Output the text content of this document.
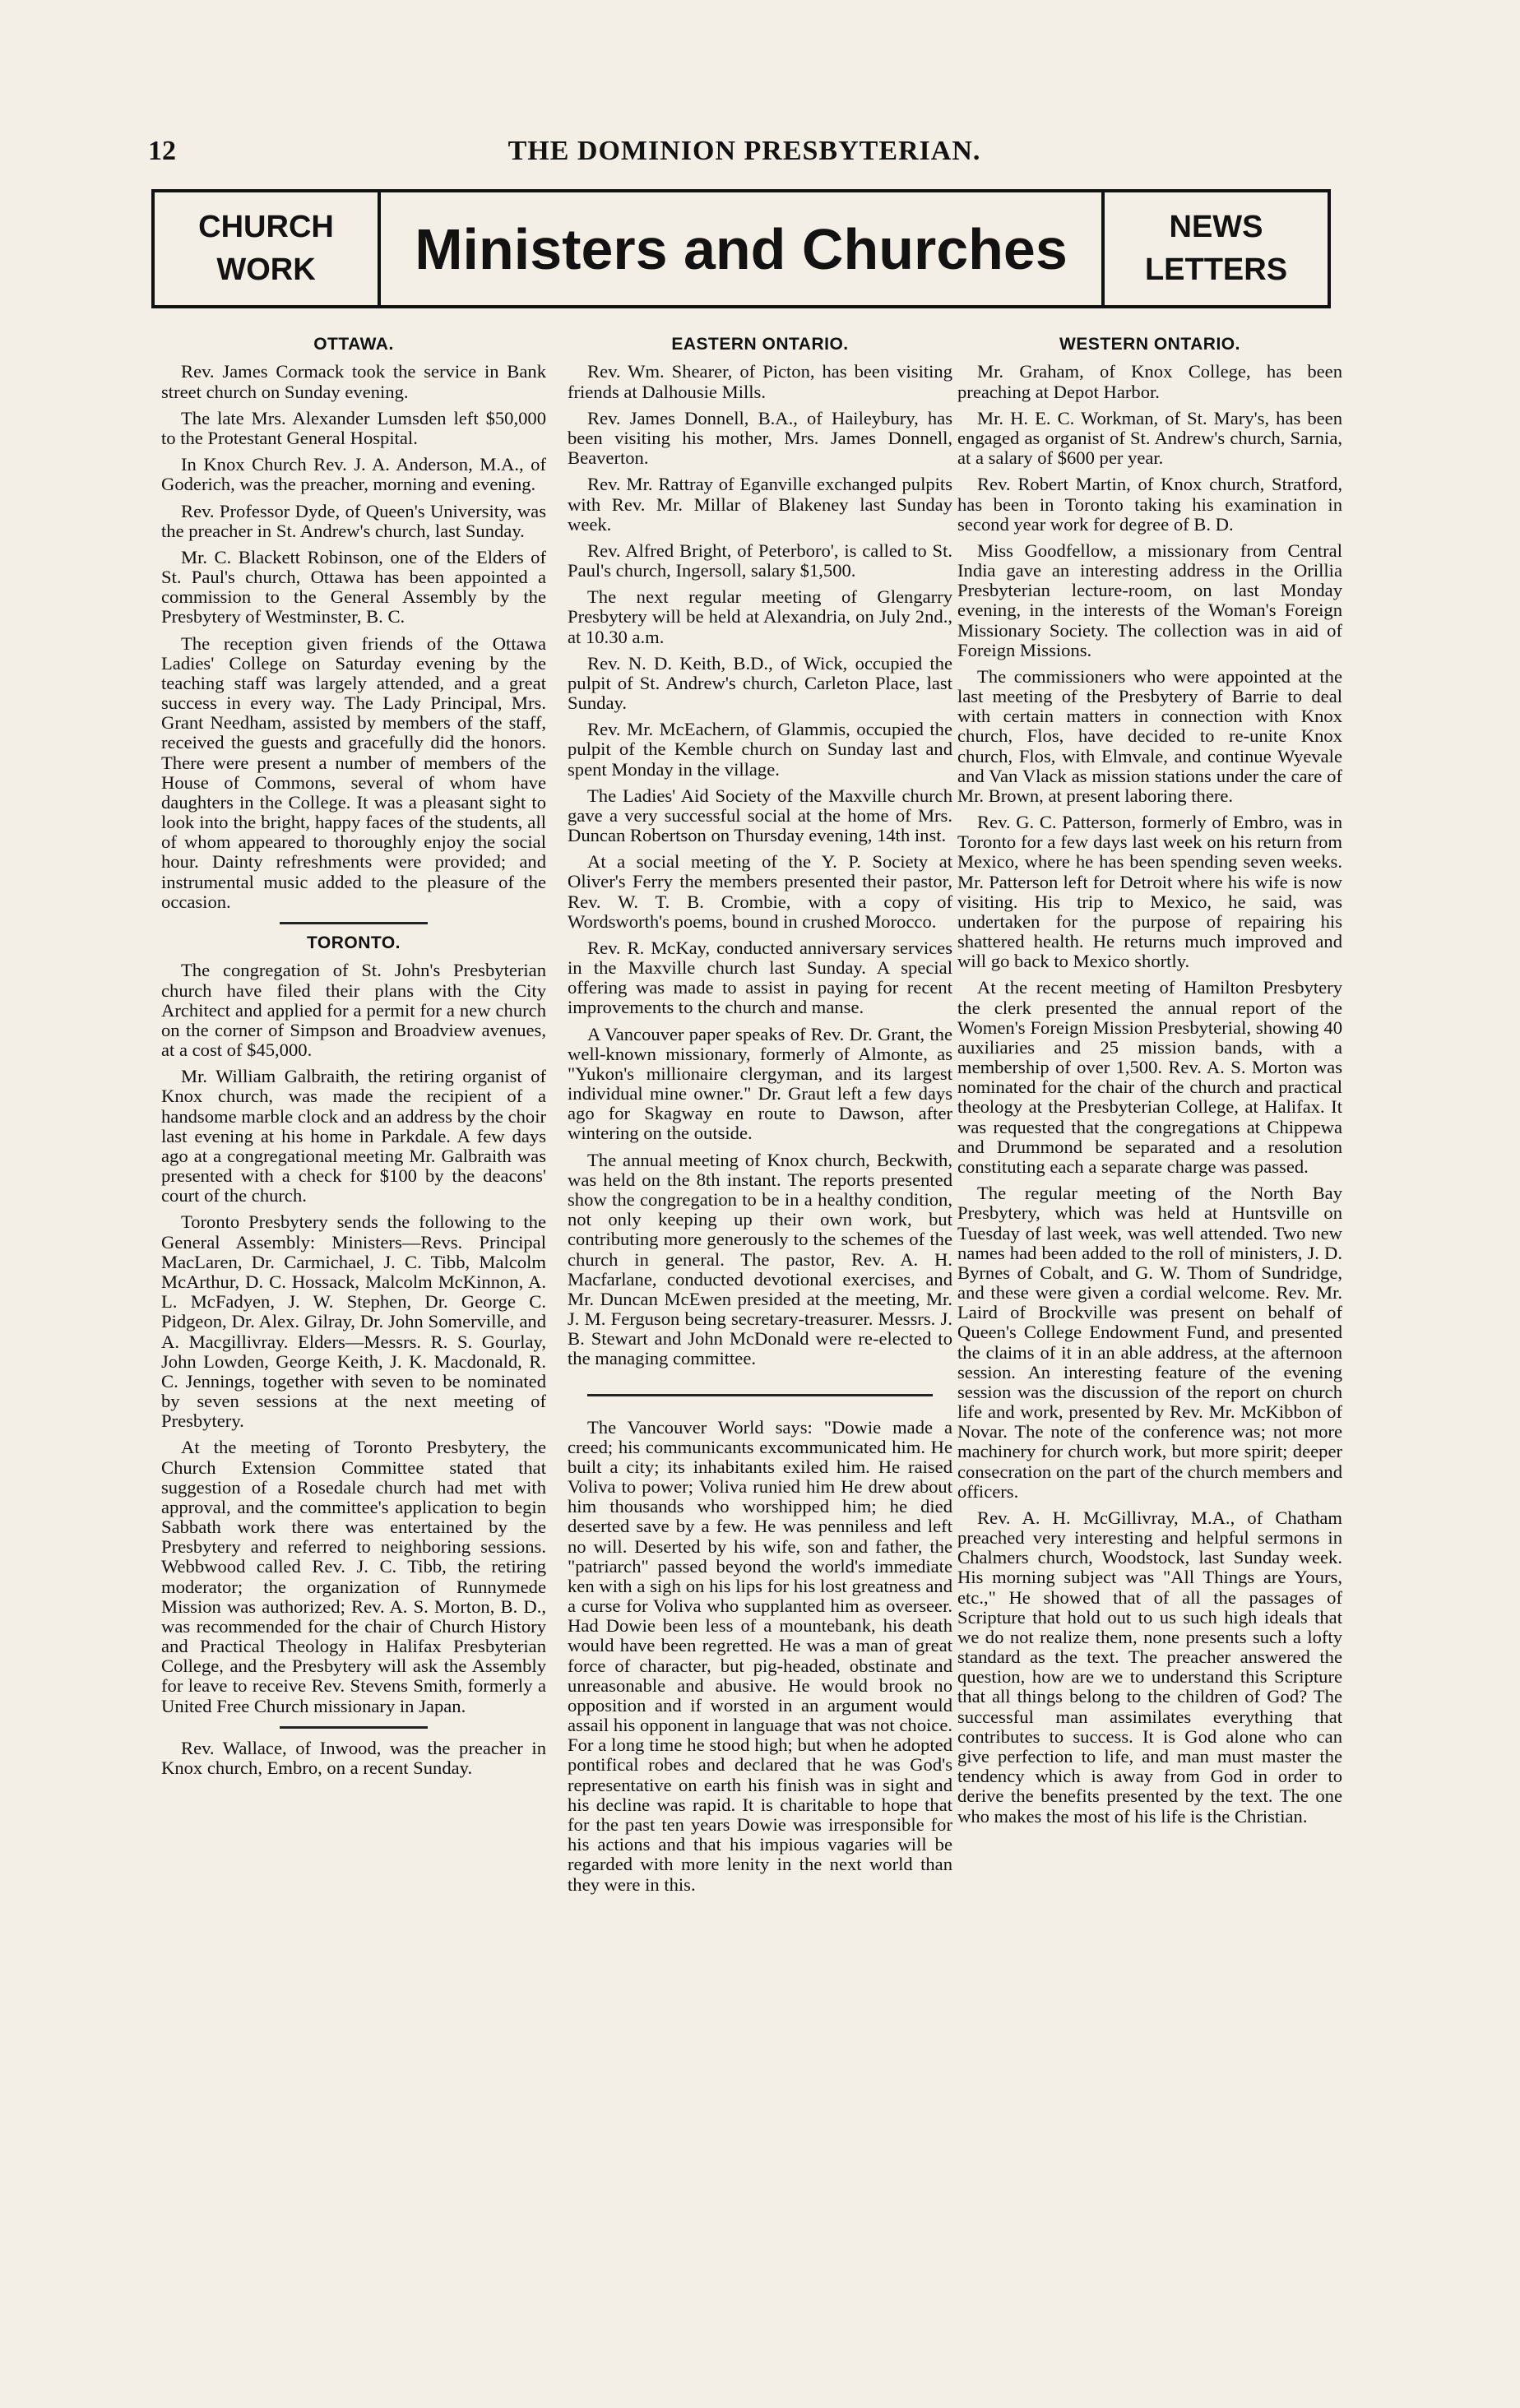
12	THE DOMINION PRESBYTERIAN.
CHURCH
WORK	Ministers and Churches	NEWS
LETTERS
OTTAWA.

Rev. James Cormack took the service in Bank street church on Sunday evening.

The late Mrs. Alexander Lumsden left $50,000 to the Protestant General Hospital.

In Knox Church Rev. J. A. Anderson, M.A., of Goderich, was the preacher, morning and evening.

Rev. Professor Dyde, of Queen's University, was the preacher in St. Andrew's church, last Sunday.

Mr. C. Blackett Robinson, one of the Elders of St. Paul's church, Ottawa has been appointed a commission to the General Assembly by the Presbytery of Westminster, B. C.

The reception given friends of the Ottawa Ladies' College on Saturday evening by the teaching staff was largely attended, and a great success in every way. The Lady Principal, Mrs. Grant Needham, assisted by members of the staff, received the guests and gracefully did the honors. There were present a number of members of the House of Commons, several of whom have daughters in the College. It was a pleasant sight to look into the bright, happy faces of the students, all of whom appeared to thoroughly enjoy the social hour. Dainty refreshments were provided; and instrumental music added to the pleasure of the occasion.

TORONTO.

The congregation of St. John's Presbyterian church have filed their plans with the City Architect and applied for a permit for a new church on the corner of Simpson and Broadview avenues, at a cost of $45,000.

Mr. William Galbraith, the retiring organist of Knox church, was made the recipient of a handsome marble clock and an address by the choir last evening at his home in Parkdale. A few days ago at a congregational meeting Mr. Galbraith was presented with a check for $100 by the deacons' court of the church.

Toronto Presbytery sends the following to the General Assembly: Ministers—Revs. Principal MacLaren, Dr. Carmichael, J. C. Tibb, Malcolm McArthur, D. C. Hossack, Malcolm McKinnon, A. L. McFadyen, J. W. Stephen, Dr. George C. Pidgeon, Dr. Alex. Gilray, Dr. John Somerville, and A. Macgillivray. Elders—Messrs. R. S. Gourlay, John Lowden, George Keith, J. K. Macdonald, R. C. Jennings, together with seven to be nominated by seven sessions at the next meeting of Presbytery.

At the meeting of Toronto Presbytery, the Church Extension Committee stated that suggestion of a Rosedale church had met with approval, and the committee's application to begin Sabbath work there was entertained by the Presbytery and referred to neighboring sessions. Webbwood called Rev. J. C. Tibb, the retiring moderator; the organization of Runnymede Mission was authorized; Rev. A. S. Morton, B. D., was recommended for the chair of Church History and Practical Theology in Halifax Presbyterian College, and the Presbytery will ask the Assembly for leave to receive Rev. Stevens Smith, formerly a United Free Church missionary in Japan.

Rev. Wallace, of Inwood, was the preacher in Knox church, Embro, on a recent Sunday.

EASTERN ONTARIO.

Rev. Wm. Shearer, of Picton, has been visiting friends at Dalhousie Mills.

Rev. James Donnell, B.A., of Haileybury, has been visiting his mother, Mrs. James Donnell, Beaverton.

Rev. Mr. Rattray of Eganville exchanged pulpits with Rev. Mr. Millar of Blakeney last Sunday week.

Rev. Alfred Bright, of Peterboro', is called to St. Paul's church, Ingersoll, salary $1,500.

The next regular meeting of Glengarry Presbytery will be held at Alexandria, on July 2nd., at 10.30 a.m.

Rev. N. D. Keith, B.D., of Wick, occupied the pulpit of St. Andrew's church, Carleton Place, last Sunday.

Rev. Mr. McEachern, of Glammis, occupied the pulpit of the Kemble church on Sunday last and spent Monday in the village.

The Ladies' Aid Society of the Maxville church gave a very successful social at the home of Mrs. Duncan Robertson on Thursday evening, 14th inst.

At a social meeting of the Y. P. Society at Oliver's Ferry the members presented their pastor, Rev. W. T. B. Crombie, with a copy of Wordsworth's poems, bound in crushed Morocco.

Rev. R. McKay, conducted anniversary services in the Maxville church last Sunday. A special offering was made to assist in paying for recent improvements to the church and manse.

A Vancouver paper speaks of Rev. Dr. Grant, the well-known missionary, formerly of Almonte, as "Yukon's millionaire clergyman, and its largest individual mine owner." Dr. Graut left a few days ago for Skagway en route to Dawson, after wintering on the outside.

The annual meeting of Knox church, Beckwith, was held on the 8th instant. The reports presented show the congregation to be in a healthy condition, not only keeping up their own work, but contributing more generously to the schemes of the church in general. The pastor, Rev. A. H. Macfarlane, conducted devotional exercises, and Mr. Duncan McEwen presided at the meeting, Mr. J. M. Ferguson being secretary-treasurer. Messrs. J. B. Stewart and John McDonald were re-elected to the managing committee.

The Vancouver World says: "Dowie made a creed; his communicants excommunicated him. He built a city; its inhabitants exiled him. He raised Voliva to power; Voliva runied him He drew about him thousands who worshipped him; he died deserted save by a few. He was penniless and left no will. Deserted by his wife, son and father, the "patriarch" passed beyond the world's immediate ken with a sigh on his lips for his lost greatness and a curse for Voliva who supplanted him as overseer. Had Dowie been less of a mountebank, his death would have been regretted. He was a man of great force of character, but pig-headed, obstinate and unreasonable and abusive. He would brook no opposition and if worsted in an argument would assail his opponent in language that was not choice. For a long time he stood high; but when he adopted pontifical robes and declared that he was God's representative on earth his finish was in sight and his decline was rapid. It is charitable to hope that for the past ten years Dowie was irresponsible for his actions and that his impious vagaries will be regarded with more lenity in the next world than they were in this.

WESTERN ONTARIO.

Mr. Graham, of Knox College, has been preaching at Depot Harbor.

Mr. H. E. C. Workman, of St. Mary's, has been engaged as organist of St. Andrew's church, Sarnia, at a salary of $600 per year.

Rev. Robert Martin, of Knox church, Stratford, has been in Toronto taking his examination in second year work for degree of B. D.

Miss Goodfellow, a missionary from Central India gave an interesting address in the Orillia Presbyterian lecture-room, on last Monday evening, in the interests of the Woman's Foreign Missionary Society. The collection was in aid of Foreign Missions.

The commissioners who were appointed at the last meeting of the Presbytery of Barrie to deal with certain matters in connection with Knox church, Flos, have decided to re-unite Knox church, Flos, with Elmvale, and continue Wyevale and Van Vlack as mission stations under the care of Mr. Brown, at present laboring there.

Rev. G. C. Patterson, formerly of Embro, was in Toronto for a few days last week on his return from Mexico, where he has been spending seven weeks. Mr. Patterson left for Detroit where his wife is now visiting. His trip to Mexico, he said, was undertaken for the purpose of repairing his shattered health. He returns much improved and will go back to Mexico shortly.

At the recent meeting of Hamilton Presbytery the clerk presented the annual report of the Women's Foreign Mission Presbyterial, showing 40 auxiliaries and 25 mission bands, with a membership of over 1,500. Rev. A. S. Morton was nominated for the chair of the church and practical theology at the Presbyterian College, at Halifax. It was requested that the congregations at Chippewa and Drummond be separated and a resolution constituting each a separate charge was passed.

The regular meeting of the North Bay Presbytery, which was held at Huntsville on Tuesday of last week, was well attended. Two new names had been added to the roll of ministers, J. D. Byrnes of Cobalt, and G. W. Thom of Sundridge, and these were given a cordial welcome. Rev. Mr. Laird of Brockville was present on behalf of Queen's College Endowment Fund, and presented the claims of it in an able address, at the afternoon session. An interesting feature of the evening session was the discussion of the report on church life and work, presented by Rev. Mr. McKibbon of Novar. The note of the conference was; not more machinery for church work, but more spirit; deeper consecration on the part of the church members and officers.

Rev. A. H. McGillivray, M.A., of Chatham preached very interesting and helpful sermons in Chalmers church, Woodstock, last Sunday week. His morning subject was "All Things are Yours, etc.," He showed that of all the passages of Scripture that hold out to us such high ideals that we do not realize them, none presents such a lofty standard as the text. The preacher answered the question, how are we to understand this Scripture that all things belong to the children of God? The successful man assimilates everything that contributes to success. It is God alone who can give perfection to life, and man must master the tendency which is away from God in order to derive the benefits presented by the text. The one who makes the most of his life is the Christian.
